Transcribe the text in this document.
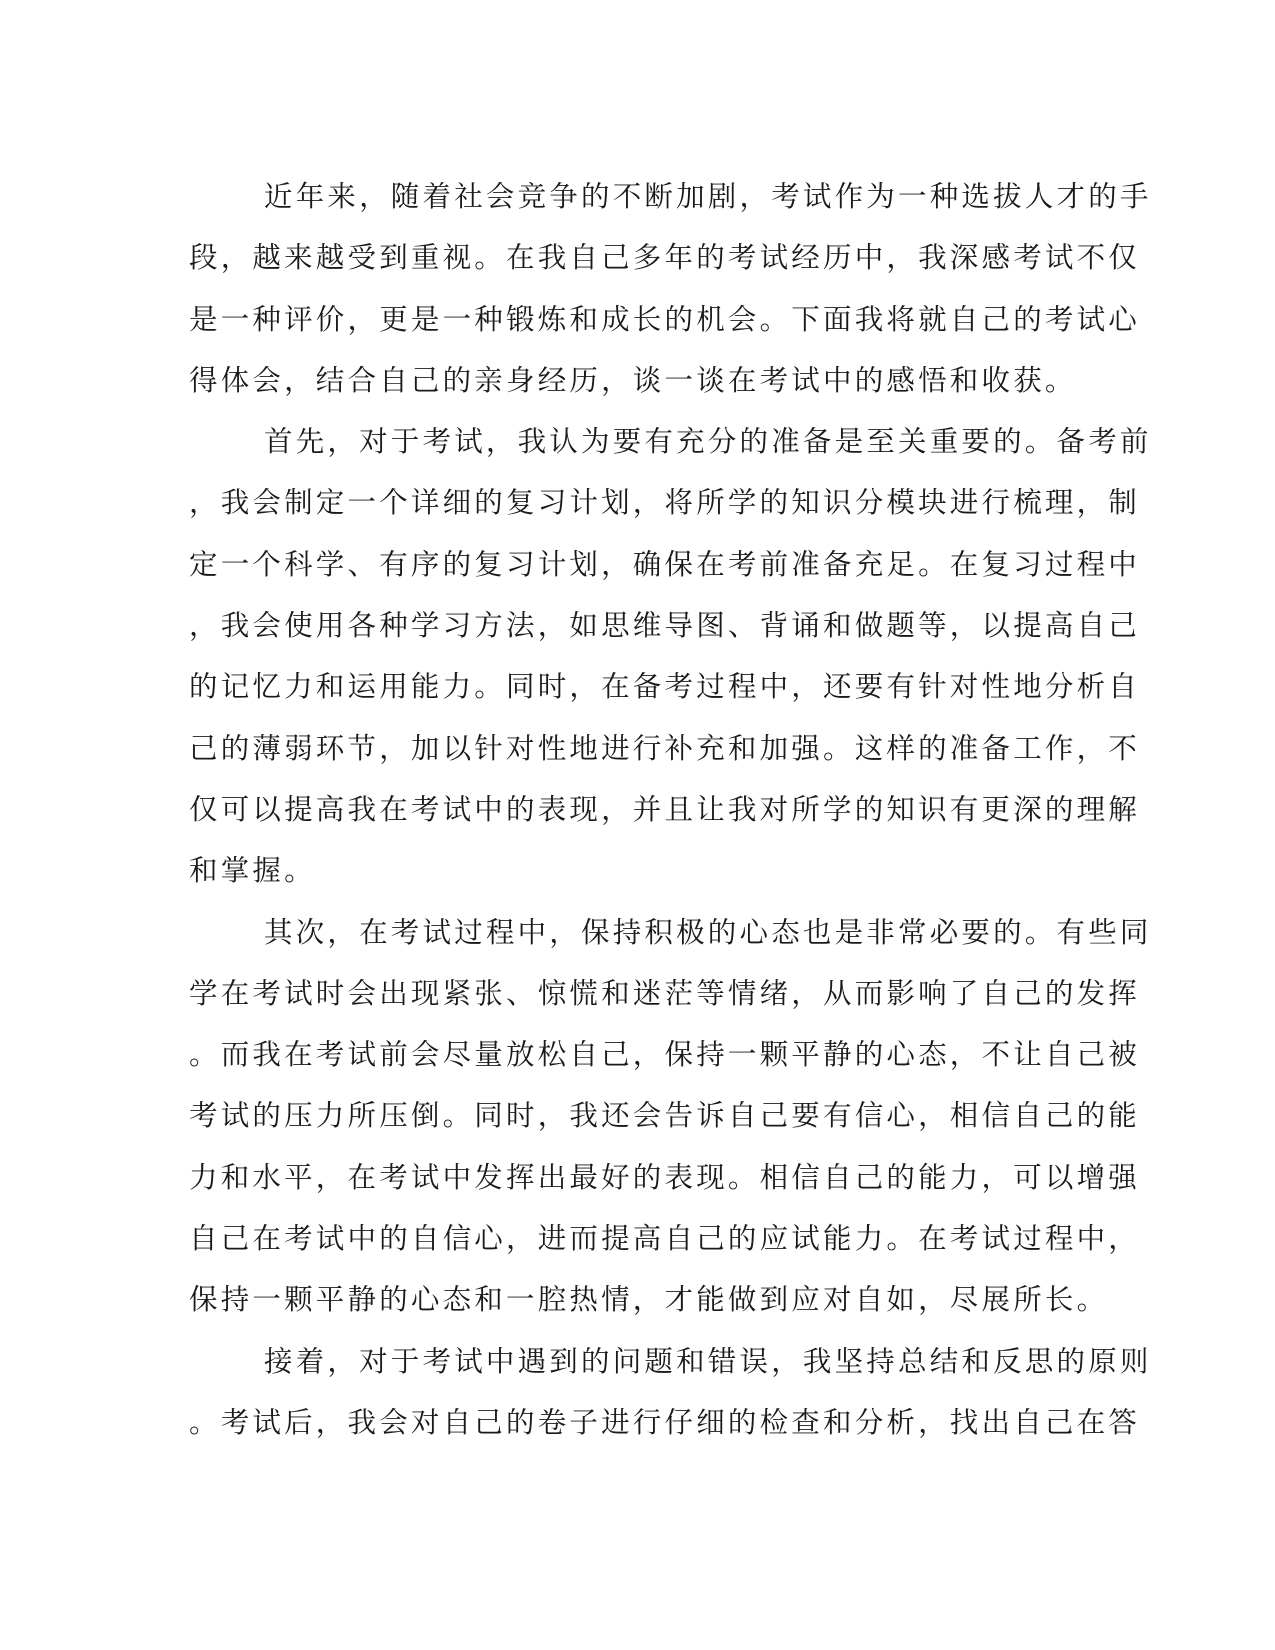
近年来，随着社会竞争的不断加剧，考试作为一种选拔人才的手
段，越来越受到重视。在我自己多年的考试经历中，我深感考试不仅
是一种评价，更是一种锻炼和成长的机会。下面我将就自己的考试心
得体会，结合自己的亲身经历，谈一谈在考试中的感悟和收获。
首先，对于考试，我认为要有充分的准备是至关重要的。备考前
，我会制定一个详细的复习计划，将所学的知识分模块进行梳理，制
定一个科学、有序的复习计划，确保在考前准备充足。在复习过程中
，我会使用各种学习方法，如思维导图、背诵和做题等，以提高自己
的记忆力和运用能力。同时，在备考过程中，还要有针对性地分析自
己的薄弱环节，加以针对性地进行补充和加强。这样的准备工作，不
仅可以提高我在考试中的表现，并且让我对所学的知识有更深的理解
和掌握。
其次，在考试过程中，保持积极的心态也是非常必要的。有些同
学在考试时会出现紧张、惊慌和迷茫等情绪，从而影响了自己的发挥
。而我在考试前会尽量放松自己，保持一颗平静的心态，不让自己被
考试的压力所压倒。同时，我还会告诉自己要有信心，相信自己的能
力和水平，在考试中发挥出最好的表现。相信自己的能力，可以增强
自己在考试中的自信心，进而提高自己的应试能力。在考试过程中，
保持一颗平静的心态和一腔热情，才能做到应对自如，尽展所长。
接着，对于考试中遇到的问题和错误，我坚持总结和反思的原则
。考试后，我会对自己的卷子进行仔细的检查和分析，找出自己在答
